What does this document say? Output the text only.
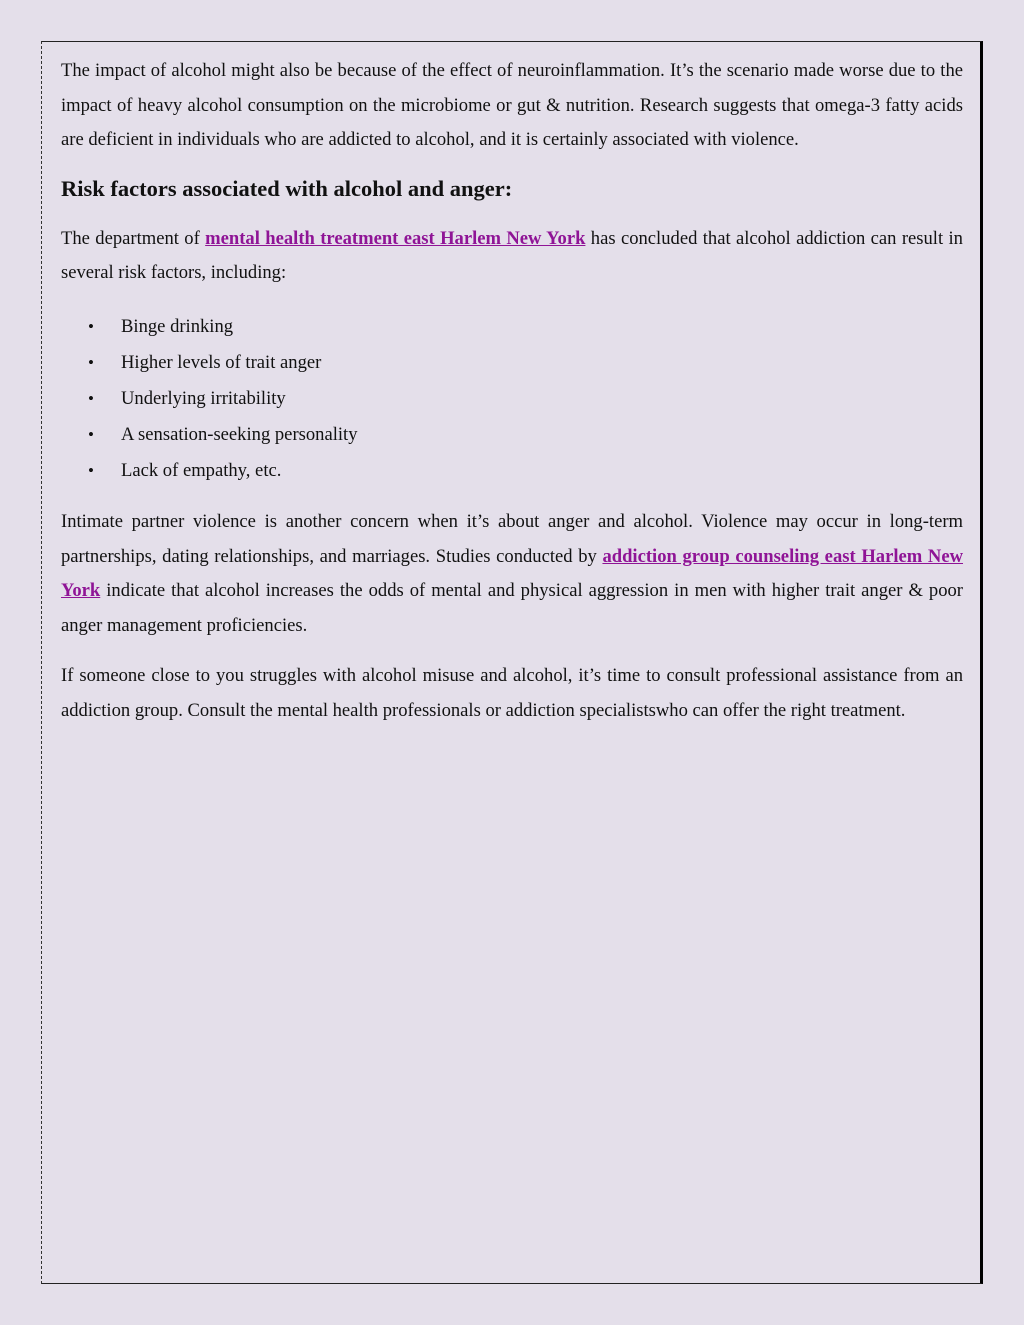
The impact of alcohol might also be because of the effect of neuroinflammation. It’s the scenario made worse due to the impact of heavy alcohol consumption on the microbiome or gut & nutrition. Research suggests that omega-3 fatty acids are deficient in individuals who are addicted to alcohol, and it is certainly associated with violence.

Risk factors associated with alcohol and anger:

The department of mental health treatment east Harlem New York has concluded that alcohol addiction can result in several risk factors, including:

• Binge drinking
• Higher levels of trait anger
• Underlying irritability
• A sensation-seeking personality
• Lack of empathy, etc.

Intimate partner violence is another concern when it’s about anger and alcohol. Violence may occur in long-term partnerships, dating relationships, and marriages. Studies conducted by addiction group counseling east Harlem New York indicate that alcohol increases the odds of mental and physical aggression in men with higher trait anger & poor anger management proficiencies.

If someone close to you struggles with alcohol misuse and alcohol, it’s time to consult professional assistance from an addiction group. Consult the mental health professionals or addiction specialistswho can offer the right treatment.
